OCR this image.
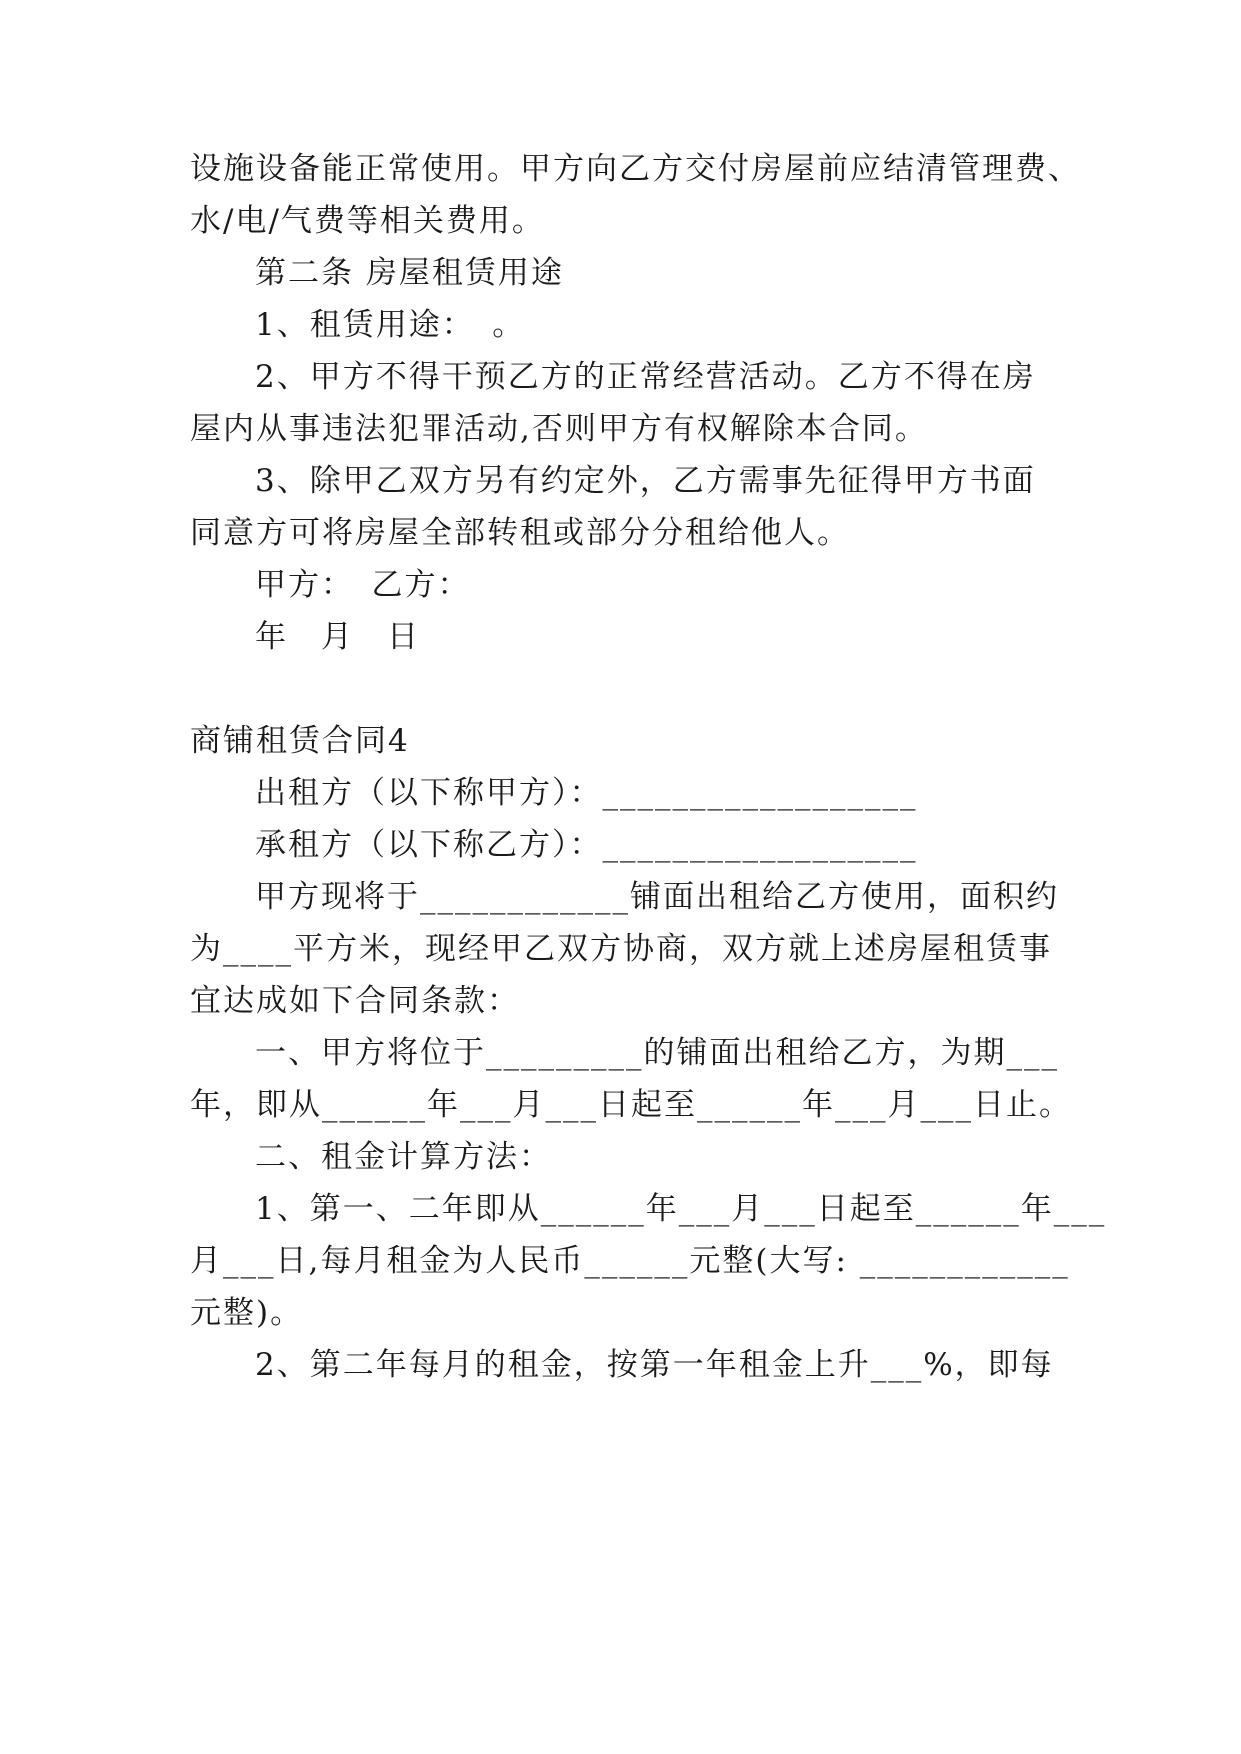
设施设备能正常使用。甲方向乙方交付房屋前应结清管理费、
水/电/气费等相关费用。
第二条 房屋租赁用途
1、租赁用途：　。
2、甲方不得干预乙方的正常经营活动。乙方不得在房
屋内从事违法犯罪活动,否则甲方有权解除本合同。
3、除甲乙双方另有约定外，乙方需事先征得甲方书面
同意方可将房屋全部转租或部分分租给他人。
甲方：　乙方：
年　月　日
商铺租赁合同4
出租方（以下称甲方）：__________________
承租方（以下称乙方）：__________________
甲方现将于____________铺面出租给乙方使用，面积约
为____平方米，现经甲乙双方协商，双方就上述房屋租赁事
宜达成如下合同条款：
一、甲方将位于_________的铺面出租给乙方，为期___
年，即从______年___月___日起至______年___月___日止。
二、租金计算方法：
1、第一、二年即从______年___月___日起至______年___
月___日,每月租金为人民币______元整(大写: ____________
元整)。
2、第二年每月的租金，按第一年租金上升___%，即每
